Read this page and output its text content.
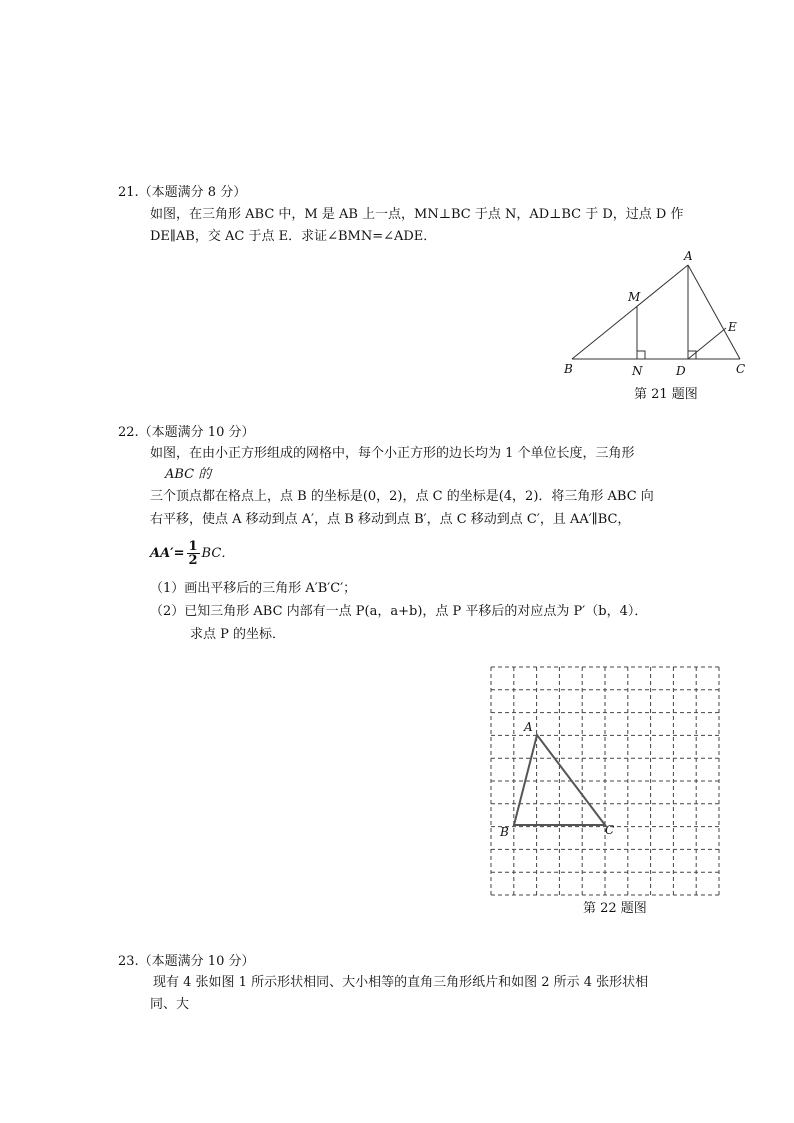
21.（本题满分 8 分）
如图，在三角形 ABC 中，M 是 AB 上一点，MN⊥BC 于点 N，AD⊥BC 于 D，过点 D 作
DE∥AB，交 AC 于点 E．求证∠BMN=∠ADE．
A
M
E
B	N	D	C
第 21 题图
22.（本题满分 10 分）
如图，在由小正方形组成的网格中，每个小正方形的边长均为 1 个单位长度，三角形
ABC 的
三个顶点都在格点上，点 B 的坐标是(0，2)，点 C 的坐标是(4，2)．将三角形 ABC 向
右平移，使点 A 移动到点 A′，点 B 移动到点 B′，点 C 移动到点 C′，且 AA′∥BC，
$AA'= \frac{1}{2}$ BC．
（1）画出平移后的三角形 A′B′C′；
（2）已知三角形 ABC 内部有一点 P(a，a+b)，点 P 平移后的对应点为 P′（b，4）．
求点 P 的坐标．
A
B	C
第 22 题图
23.（本题满分 10 分）
现有 4 张如图 1 所示形状相同、大小相等的直角三角形纸片和如图 2 所示 4 张形状相
同、大
